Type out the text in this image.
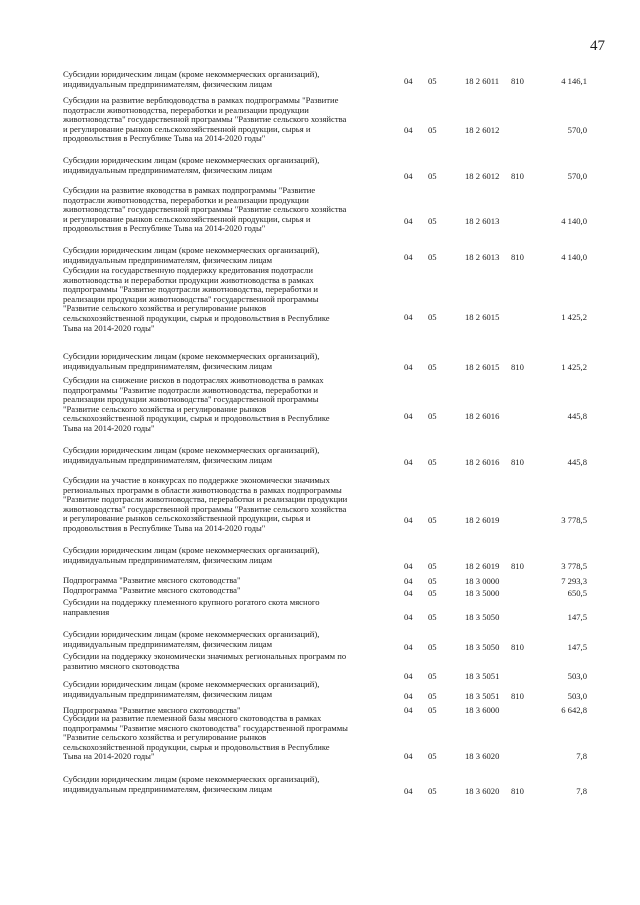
47
Субсидии юридическим лицам (кроме некоммерческих организаций),
индивидуальным предпринимателям, физическим лицам	04 05	18 2 6011 810	4 146,1
Субсидии на развитие верблюдоводства в рамках подпрограммы "Развитие
подотрасли животноводства, переработки и реализации продукции
животноводства" государственной программы "Развитие сельского хозяйства
и регулирование рынков сельскохозяйственной продукции, сырья и
продовольствия в Республике Тыва на 2014-2020 годы"
04 05	18 2 6012	570,0
Субсидии юридическим лицам (кроме некоммерческих организаций),
индивидуальным предпринимателям, физическим лицам
04 05	18 2 6012 810	570,0
Субсидии на развитие яководства в рамках подпрограммы "Развитие
подотрасли животноводства, переработки и реализации продукции
животноводства" государственной программы "Развитие сельского хозяйства
и регулирование рынков сельскохозяйственной продукции, сырья и
продовольствия в Республике Тыва на 2014-2020 годы"
04 05	18 2 6013	4 140,0
Субсидии юридическим лицам (кроме некоммерческих организаций),
индивидуальным предпринимателям, физическим лицам	04 05	18 2 6013 810	4 140,0
Субсидии на государственную поддержку кредитования подотрасли
животноводства и переработки продукции животноводства в рамках
подпрограммы "Развитие подотрасли животноводства, переработки и
реализации продукции животноводства" государственной программы
"Развитие сельского хозяйства и регулирование рынков
сельскохозяйственной продукции, сырья и продовольствия в Республике
Тыва на 2014-2020 годы"
04 05	18 2 6015	1 425,2
Субсидии юридическим лицам (кроме некоммерческих организаций),
индивидуальным предпринимателям, физическим лицам	04 05	18 2 6015 810	1 425,2
Субсидии на снижение рисков в подотраслях животноводства в рамках
подпрограммы "Развитие подотрасли животноводства, переработки и
реализации продукции животноводства" государственной программы
"Развитие сельского хозяйства и регулирование рынков
сельскохозяйственной продукции, сырья и продовольствия в Республике
Тыва на 2014-2020 годы"
04 05	18 2 6016	445,8
Субсидии юридическим лицам (кроме некоммерческих организаций),
индивидуальным предпринимателям, физическим лицам	04 05	18 2 6016 810	445,8
Субсидии на участие в конкурсах по поддержке экономически значимых
региональных программ в области животноводства в рамках подпрограммы
"Развитие подотрасли животноводства, переработки и реализации продукции
животноводства" государственной программы "Развитие сельского хозяйства
и регулирование рынков сельскохозяйственной продукции, сырья и
продовольствия в Республике Тыва на 2014-2020 годы"
04 05	18 2 6019	3 778,5
Субсидии юридическим лицам (кроме некоммерческих организаций),
индивидуальным предпринимателям, физическим лицам
04 05	18 2 6019 810	3 778,5
Подпрограмма "Развитие мясного скотоводства"	04 05	18 3 0000	7 293,3
Подпрограмма "Развитие мясного скотоводства"	04 05	18 3 5000	650,5
Субсидии на поддержку племенного крупного рогатого скота мясного
направления
04 05	18 3 5050	147,5
Субсидии юридическим лицам (кроме некоммерческих организаций),
индивидуальным предпринимателям, физическим лицам	04 05	18 3 5050 810	147,5
Субсидии на поддержку экономически значимых региональных программ по
развитию мясного скотоводства
04 05	18 3 5051	503,0
Субсидии юридическим лицам (кроме некоммерческих организаций),
индивидуальным предпринимателям, физическим лицам	04 05	18 3 5051 810	503,0
Подпрограмма "Развитие мясного скотоводства"	04 05	18 3 6000	6 642,8
Субсидии на развитие племенной базы мясного скотоводства в рамках
подпрограммы "Развитие мясного скотоводства" государственной программы
"Развитие сельского хозяйства и регулирование рынков
сельскохозяйственной продукции, сырья и продовольствия в Республике
Тыва на 2014-2020 годы"	04 05	18 3 6020	7,8
Субсидии юридическим лицам (кроме некоммерческих организаций),
индивидуальным предпринимателям, физическим лицам	04 05	18 3 6020 810	7,8
